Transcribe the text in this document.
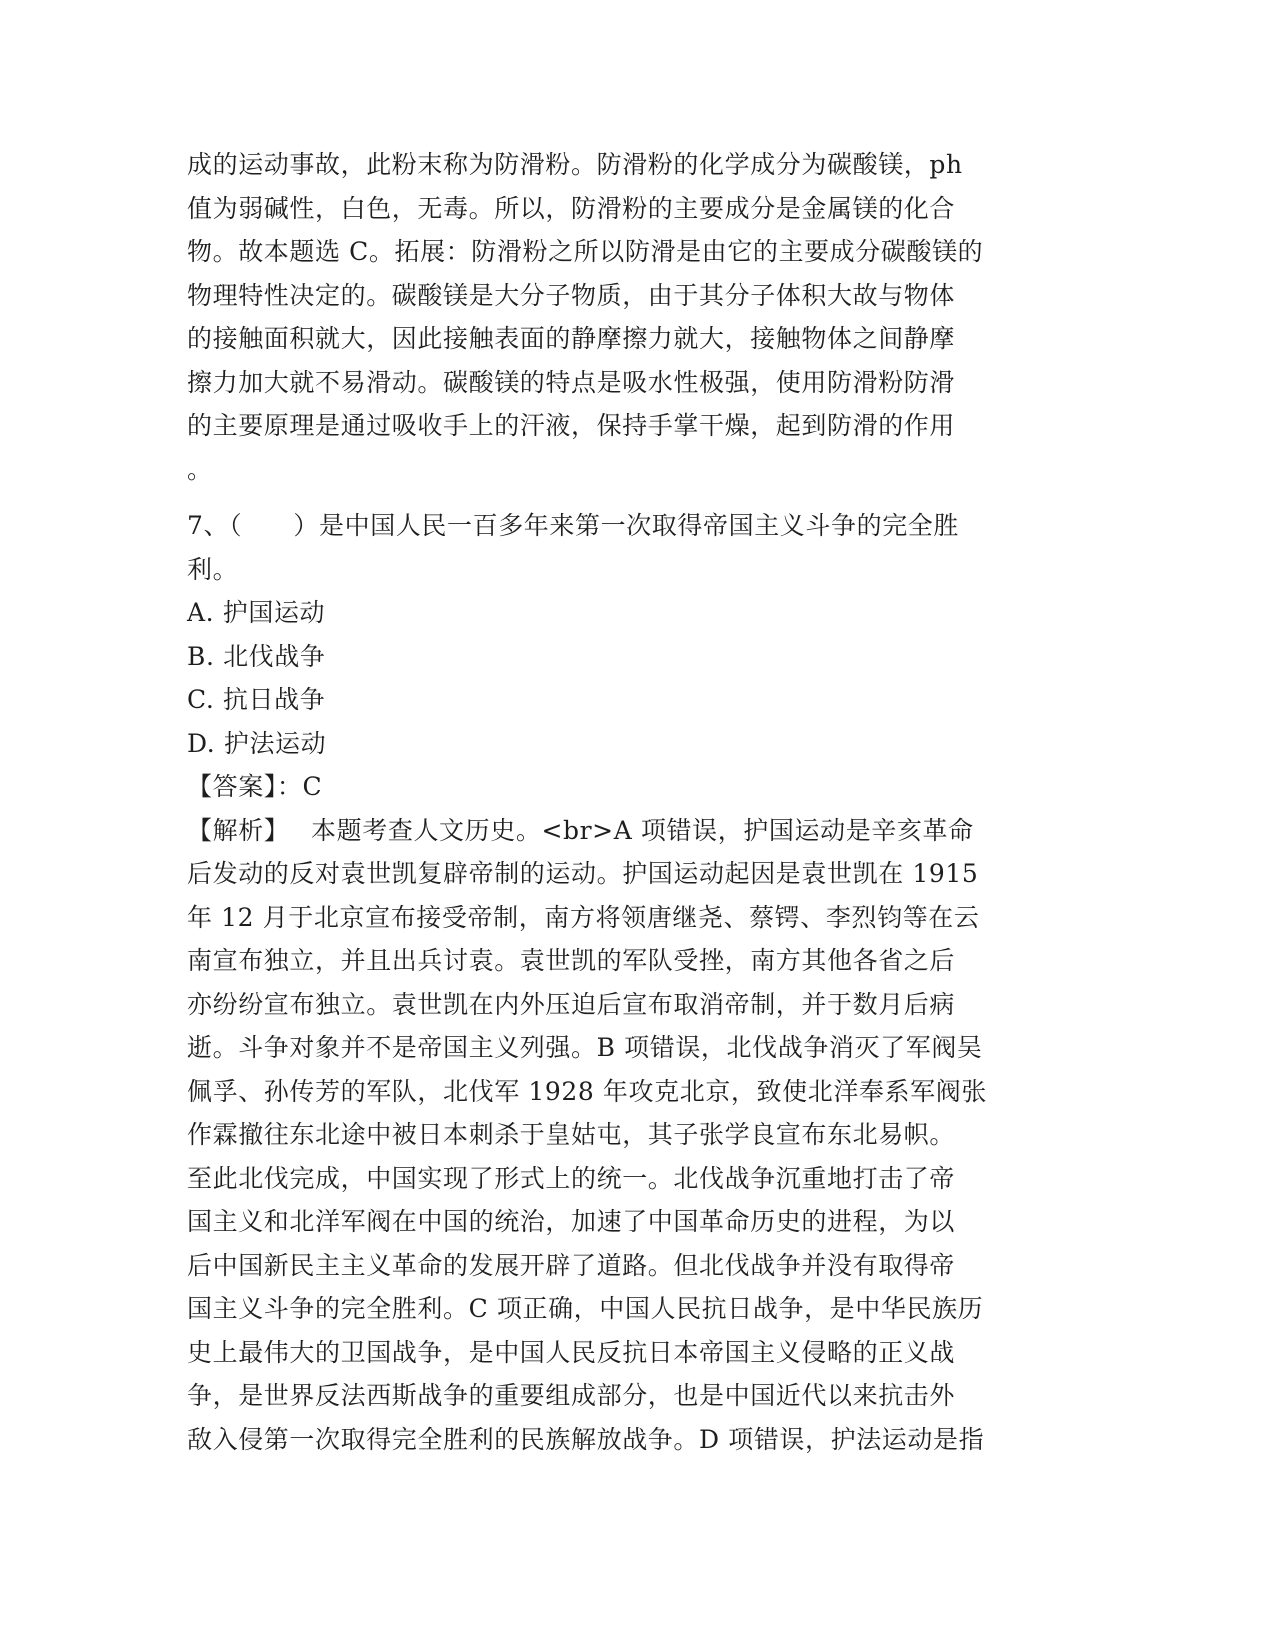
成的运动事故，此粉末称为防滑粉。防滑粉的化学成分为碳酸镁，ph
值为弱碱性，白色，无毒。所以，防滑粉的主要成分是金属镁的化合
物。故本题选 C。拓展：防滑粉之所以防滑是由它的主要成分碳酸镁的
物理特性决定的。碳酸镁是大分子物质，由于其分子体积大故与物体
的接触面积就大，因此接触表面的静摩擦力就大，接触物体之间静摩
擦力加大就不易滑动。碳酸镁的特点是吸水性极强，使用防滑粉防滑
的主要原理是通过吸收手上的汗液，保持手掌干燥，起到防滑的作用
。
7、（　　）是中国人民一百多年来第一次取得帝国主义斗争的完全胜
利。
A. 护国运动
B. 北伐战争
C. 抗日战争
D. 护法运动
【答案】：C
【解析】　 本题考查人文历史。<br>A 项错误，护国运动是辛亥革命
后发动的反对袁世凯复辟帝制的运动。护国运动起因是袁世凯在 1915
年 12 月于北京宣布接受帝制，南方将领唐继尧、蔡锷、李烈钧等在云
南宣布独立，并且出兵讨袁。袁世凯的军队受挫，南方其他各省之后
亦纷纷宣布独立。袁世凯在内外压迫后宣布取消帝制，并于数月后病
逝。斗争对象并不是帝国主义列强。B 项错误，北伐战争消灭了军阀吴
佩孚、孙传芳的军队，北伐军 1928 年攻克北京，致使北洋奉系军阀张
作霖撤往东北途中被日本刺杀于皇姑屯，其子张学良宣布东北易帜。
至此北伐完成，中国实现了形式上的统一。北伐战争沉重地打击了帝
国主义和北洋军阀在中国的统治，加速了中国革命历史的进程，为以
后中国新民主主义革命的发展开辟了道路。但北伐战争并没有取得帝
国主义斗争的完全胜利。C 项正确，中国人民抗日战争，是中华民族历
史上最伟大的卫国战争，是中国人民反抗日本帝国主义侵略的正义战
争，是世界反法西斯战争的重要组成部分，也是中国近代以来抗击外
敌入侵第一次取得完全胜利的民族解放战争。D 项错误，护法运动是指
